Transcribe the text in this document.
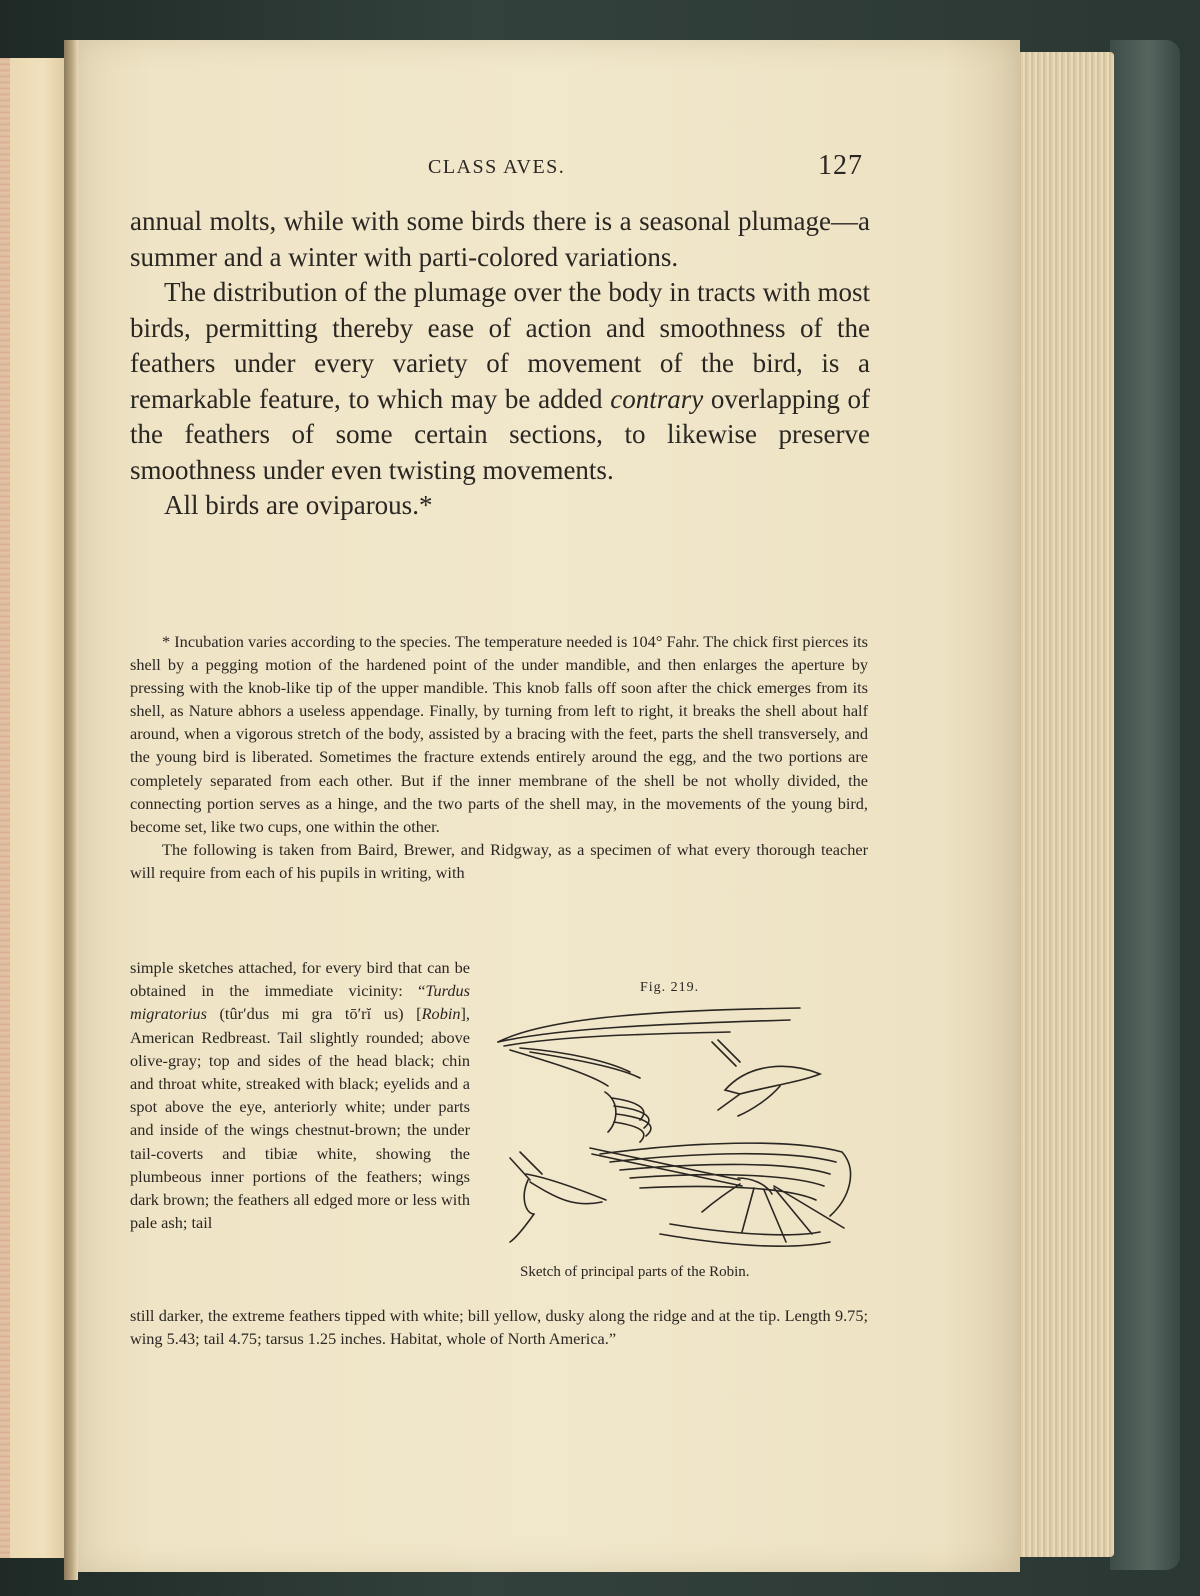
CLASS AVES.	127

annual molts, while with some birds there is a seasonal plumage—a summer and a winter with parti-colored variations.

The distribution of the plumage over the body in tracts with most birds, permitting thereby ease of action and smoothness of the feathers under every variety of movement of the bird, is a remarkable feature, to which may be added contrary overlapping of the feathers of some certain sections, to likewise preserve smoothness under even twisting movements.

All birds are oviparous.*

* Incubation varies according to the species. The temperature needed is 104° Fahr. The chick first pierces its shell by a pegging motion of the hardened point of the under mandible, and then enlarges the aperture by pressing with the knob-like tip of the upper mandible. This knob falls off soon after the chick emerges from its shell, as Nature abhors a useless appendage. Finally, by turning from left to right, it breaks the shell about half around, when a vigorous stretch of the body, assisted by a bracing with the feet, parts the shell transversely, and the young bird is liberated. Sometimes the fracture extends entirely around the egg, and the two portions are completely separated from each other. But if the inner membrane of the shell be not wholly divided, the connecting portion serves as a hinge, and the two parts of the shell may, in the movements of the young bird, become set, like two cups, one within the other.

The following is taken from Baird, Brewer, and Ridgway, as a specimen of what every thorough teacher will require from each of his pupils in writing, with

simple sketches attached, for every bird that can be obtained in the immediate vicinity: “Turdus migratorius (tûr′dus mi gra tō′rĭ us) [Robin], American Redbreast. Tail slightly rounded; above olive-gray; top and sides of the head black; chin and throat white, streaked with black; eyelids and a spot above the eye, anteriorly white; under parts and inside of the wings chestnut-brown; the under tail-coverts and tibiæ white, showing the plumbeous inner portions of the feathers; wings dark brown; the feathers all edged more or less with pale ash; tail

still darker, the extreme feathers tipped with white; bill yellow, dusky along the ridge and at the tip. Length 9.75; wing 5.43; tail 4.75; tarsus 1.25 inches. Habitat, whole of North America.”

Fig. 219.
Sketch of principal parts of the Robin.
